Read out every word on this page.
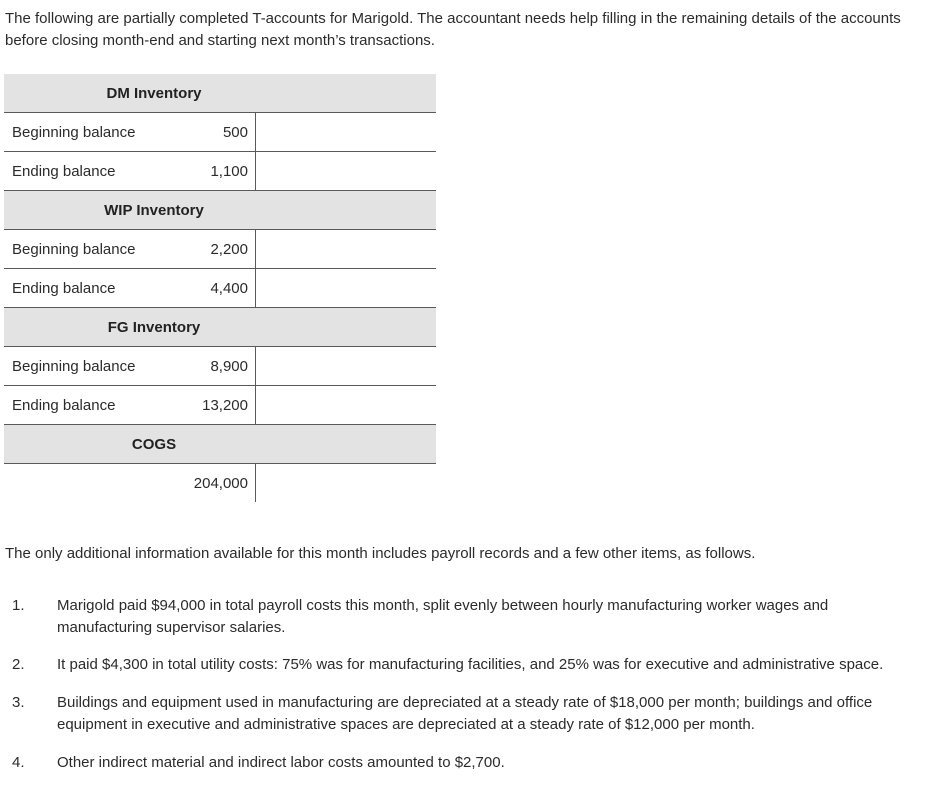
The following are partially completed T-accounts for Marigold. The accountant needs help filling in the remaining details of the accounts before closing month-end and starting next month’s transactions.

DM Inventory
Beginning balance	500
Ending balance	1,100
WIP Inventory
Beginning balance	2,200
Ending balance	4,400
FG Inventory
Beginning balance	8,900
Ending balance	13,200
COGS
204,000

The only additional information available for this month includes payroll records and a few other items, as follows.

1.	Marigold paid $94,000 in total payroll costs this month, split evenly between hourly manufacturing worker wages and manufacturing supervisor salaries.
2.	It paid $4,300 in total utility costs: 75% was for manufacturing facilities, and 25% was for executive and administrative space.
3.	Buildings and equipment used in manufacturing are depreciated at a steady rate of $18,000 per month; buildings and office equipment in executive and administrative spaces are depreciated at a steady rate of $12,000 per month.
4.	Other indirect material and indirect labor costs amounted to $2,700.
